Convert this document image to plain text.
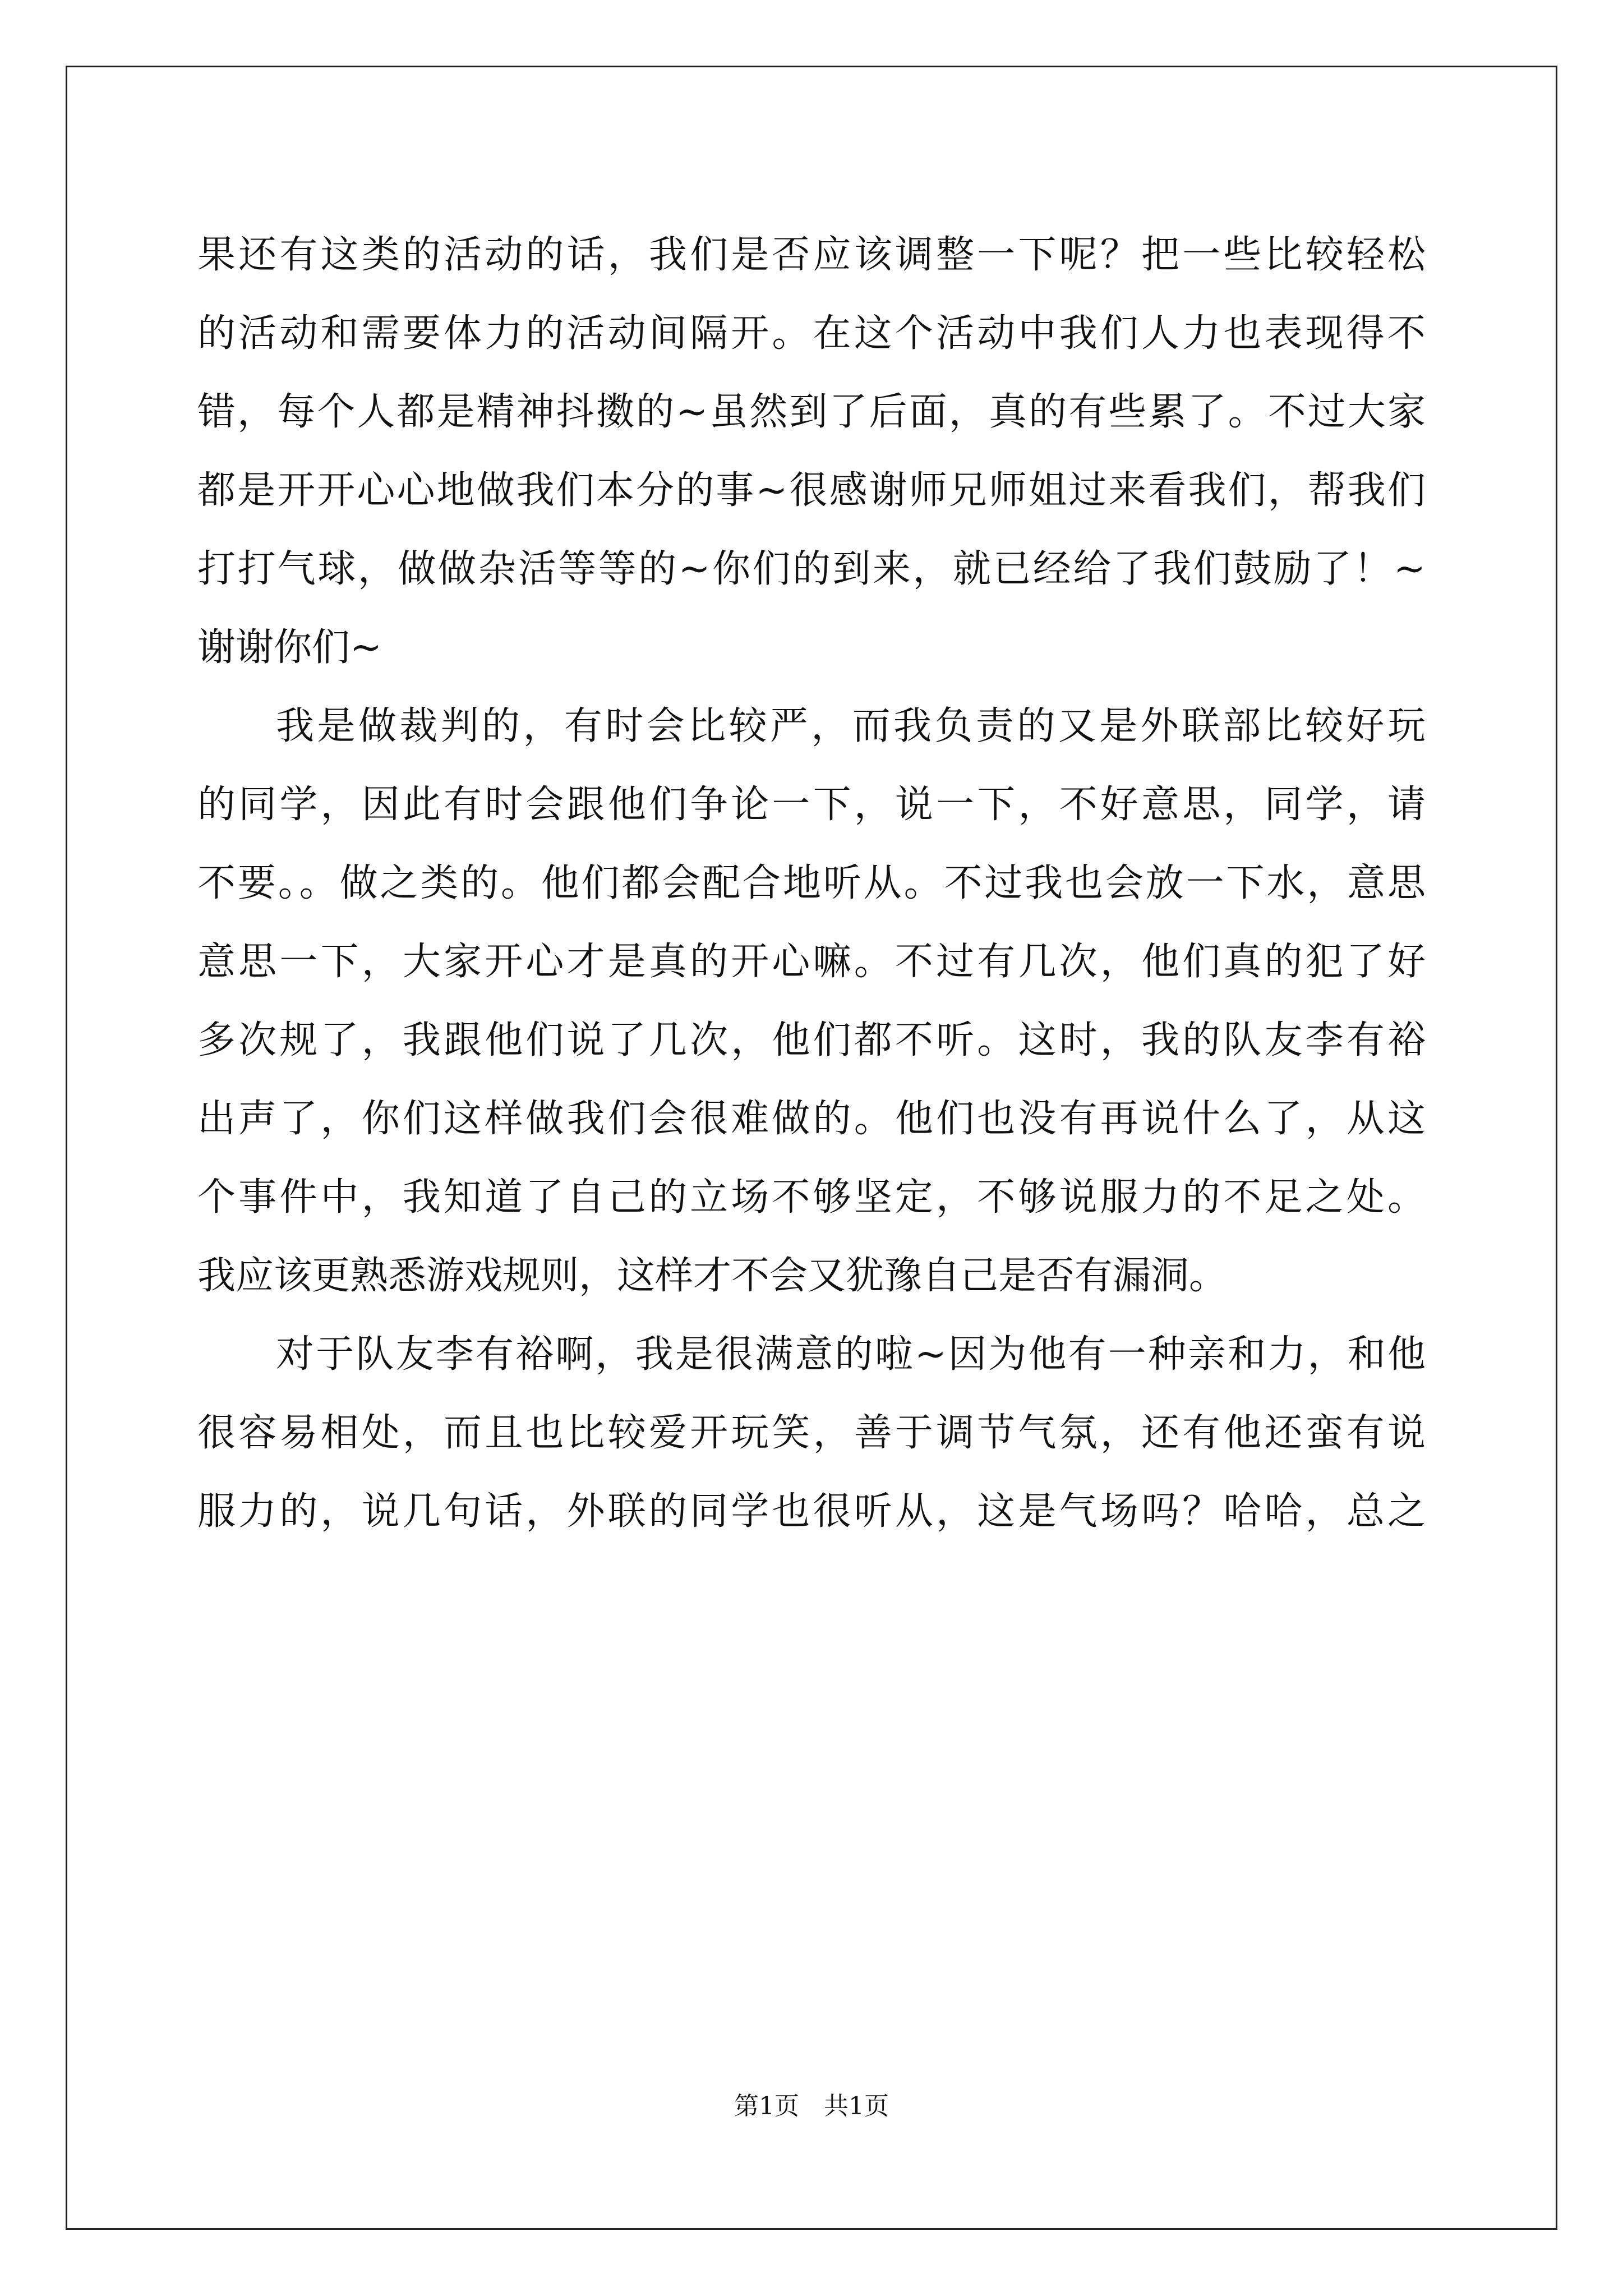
果还有这类的活动的话，我们是否应该调整一下呢？把一些比较轻松
的活动和需要体力的活动间隔开。在这个活动中我们人力也表现得不
错，每个人都是精神抖擞的~虽然到了后面，真的有些累了。不过大家
都是开开心心地做我们本分的事~很感谢师兄师姐过来看我们，帮我们
打打气球，做做杂活等等的~你们的到来，就已经给了我们鼓励了！~
谢谢你们~
我是做裁判的，有时会比较严，而我负责的又是外联部比较好玩
的同学，因此有时会跟他们争论一下，说一下，不好意思，同学，请
不要。。做之类的。他们都会配合地听从。不过我也会放一下水，意思
意思一下，大家开心才是真的开心嘛。不过有几次，他们真的犯了好
多次规了，我跟他们说了几次，他们都不听。这时，我的队友李有裕
出声了，你们这样做我们会很难做的。他们也没有再说什么了，从这
个事件中，我知道了自己的立场不够坚定，不够说服力的不足之处。
我应该更熟悉游戏规则，这样才不会又犹豫自己是否有漏洞。
对于队友李有裕啊，我是很满意的啦~因为他有一种亲和力，和他
很容易相处，而且也比较爱开玩笑，善于调节气氛，还有他还蛮有说
服力的，说几句话，外联的同学也很听从，这是气场吗？哈哈，总之
第1页　共1页
